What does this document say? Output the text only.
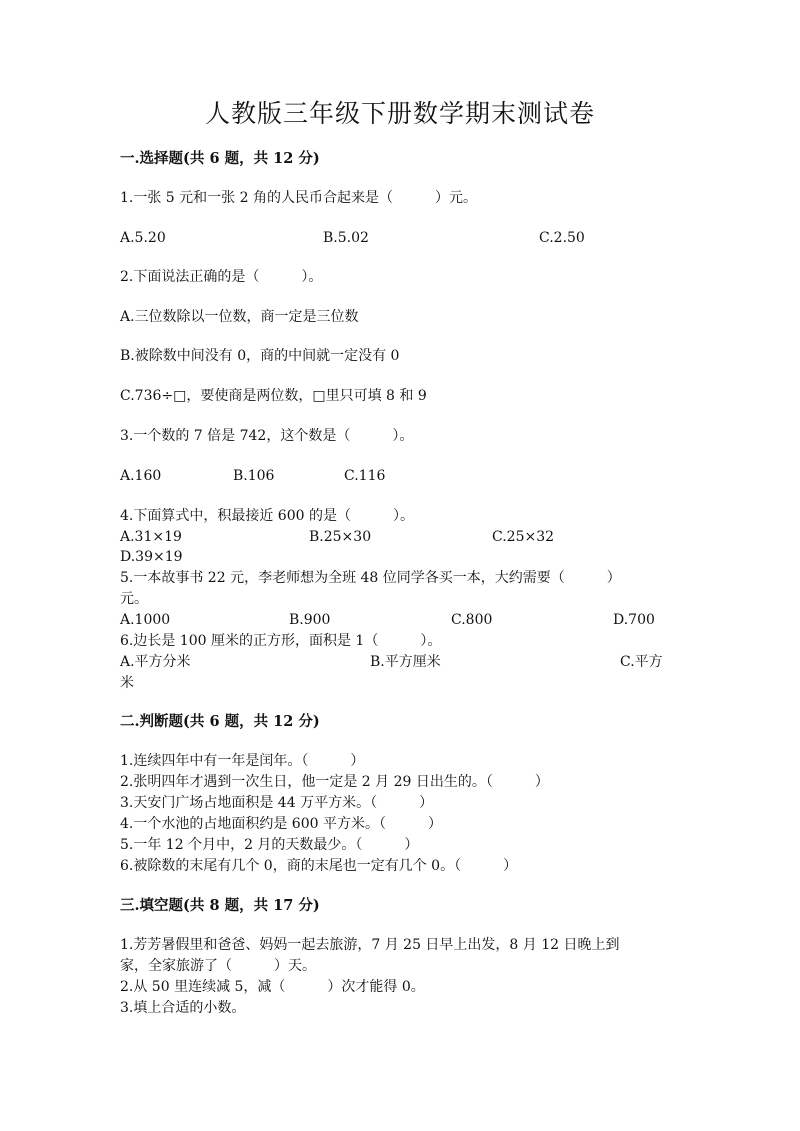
人教版三年级下册数学期末测试卷
一.选择题(共 6 题，共 12 分)
1.一张 5 元和一张 2 角的人民币合起来是（　　　）元。
A.5.20	B.5.02	C.2.50
2.下面说法正确的是（　　　）。
A.三位数除以一位数，商一定是三位数
B.被除数中间没有 0，商的中间就一定没有 0
C.736÷□，要使商是两位数，□里只可填 8 和 9
3.一个数的 7 倍是 742，这个数是（　　　）。
A.160	B.106	C.116
4.下面算式中，积最接近 600 的是（　　　）。
A.31×19	B.25×30	C.25×32
D.39×19
5.一本故事书 22 元，李老师想为全班 48 位同学各买一本，大约需要（　　　）
元。
A.1000	B.900	C.800	D.700
6.边长是 100 厘米的正方形，面积是 1（　　　）。
A.平方分米	B.平方厘米	C.平方
米
二.判断题(共 6 题，共 12 分)
1.连续四年中有一年是闰年。（　　　）
2.张明四年才遇到一次生日，他一定是 2 月 29 日出生的。（　　　）
3.天安门广场占地面积是 44 万平方米。（　　　）
4.一个水池的占地面积约是 600 平方米。（　　　）
5.一年 12 个月中，2 月的天数最少。（　　　）
6.被除数的末尾有几个 0，商的末尾也一定有几个 0。（　　　）
三.填空题(共 8 题，共 17 分)
1.芳芳暑假里和爸爸、妈妈一起去旅游，7 月 25 日早上出发，8 月 12 日晚上到
家，全家旅游了（　　　）天。
2.从 50 里连续减 5，减（　　　）次才能得 0。
3.填上合适的小数。
